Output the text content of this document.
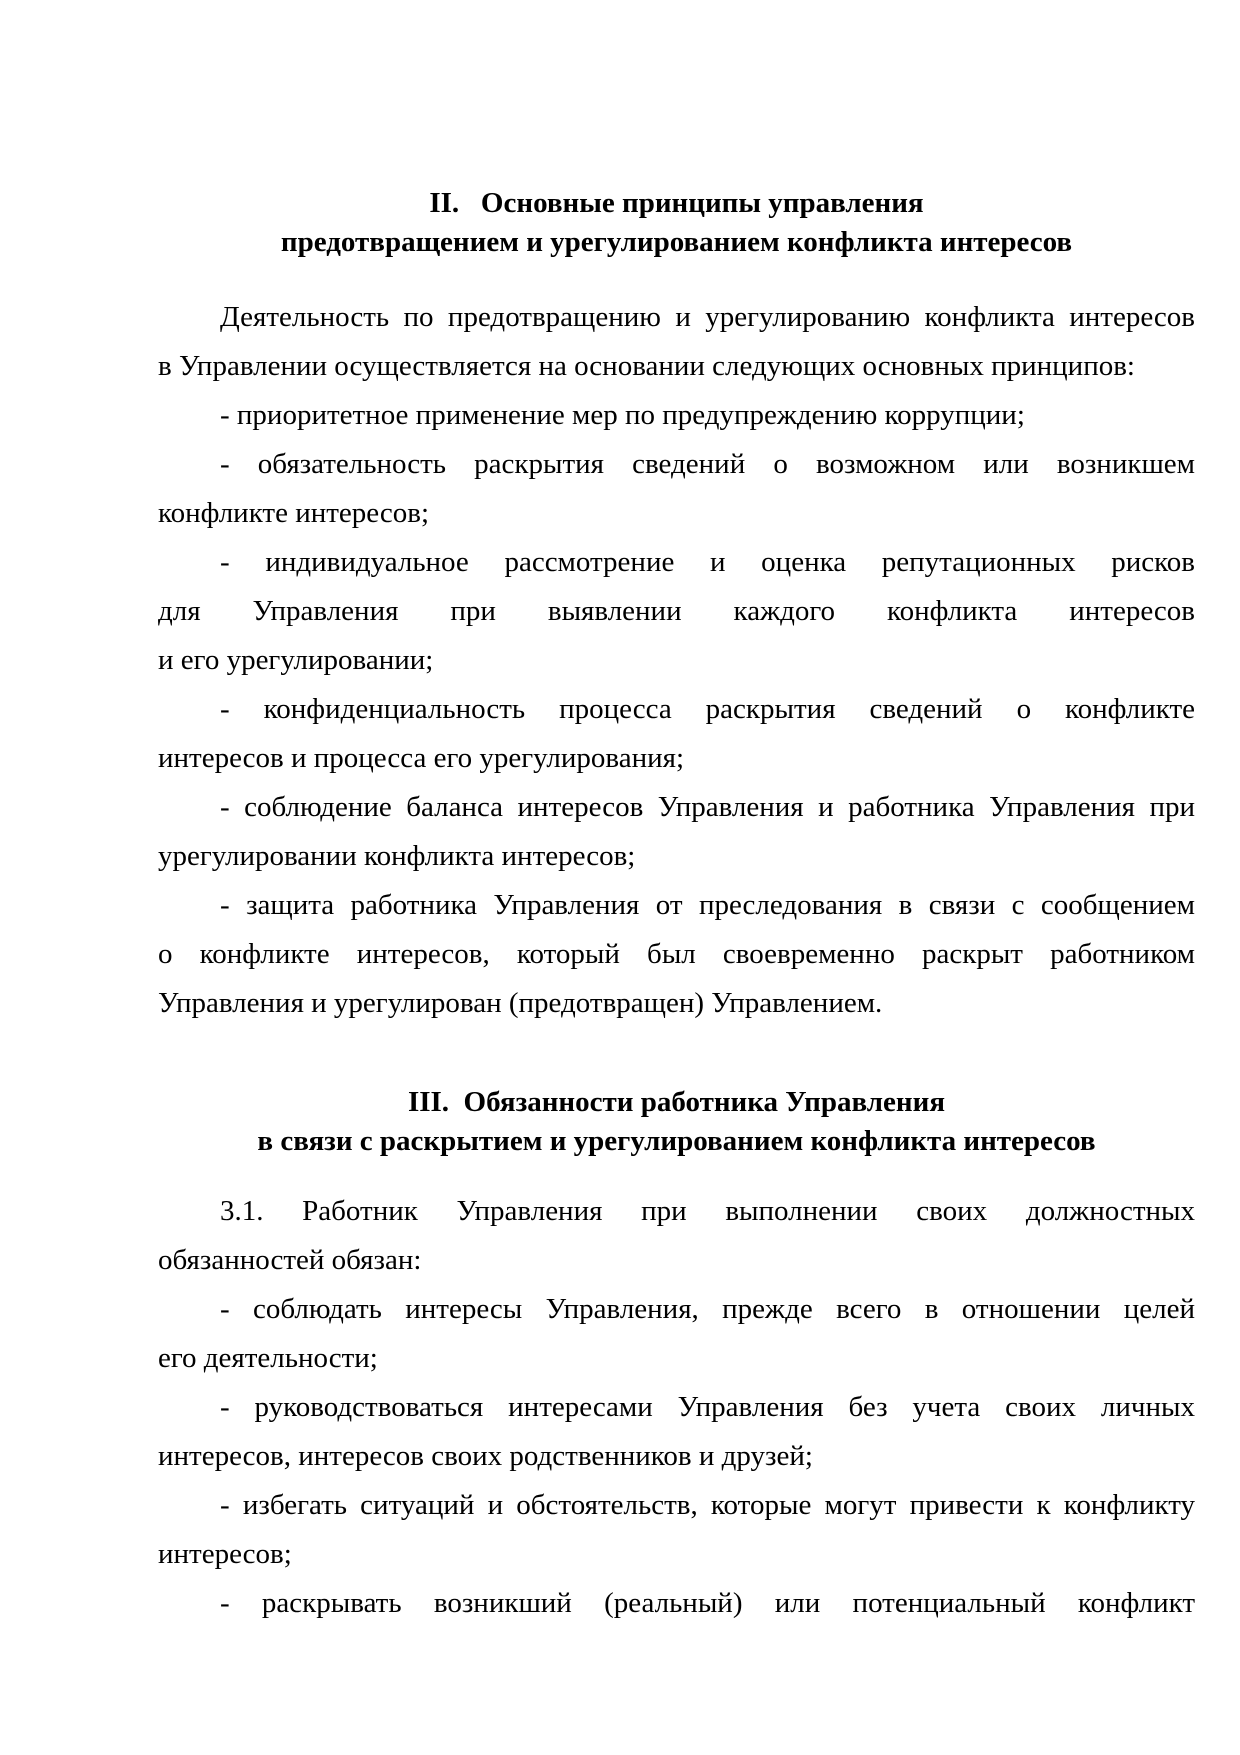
II.   Основные принципы управления
предотвращением и урегулированием конфликта интересов
Деятельность по предотвращению и урегулированию конфликта интересов
в Управлении осуществляется на основании следующих основных принципов:
- приоритетное применение мер по предупреждению коррупции;
- обязательность раскрытия сведений о возможном или возникшем
конфликте интересов;
- индивидуальное рассмотрение и оценка репутационных рисков
для Управления при выявлении каждого конфликта интересов
и его урегулировании;
- конфиденциальность процесса раскрытия сведений о конфликте
интересов и процесса его урегулирования;
- соблюдение баланса интересов Управления и работника Управления при
урегулировании конфликта интересов;
- защита работника Управления от преследования в связи с сообщением
о конфликте интересов, который был своевременно раскрыт работником
Управления и урегулирован (предотвращен) Управлением.
III.  Обязанности работника Управления
в связи с раскрытием и урегулированием конфликта интересов
3.1. Работник Управления при выполнении своих должностных
обязанностей обязан:
- соблюдать интересы Управления, прежде всего в отношении целей
его деятельности;
- руководствоваться интересами Управления без учета своих личных
интересов, интересов своих родственников и друзей;
- избегать ситуаций и обстоятельств, которые могут привести к конфликту
интересов;
- раскрывать возникший (реальный) или потенциальный конфликт
